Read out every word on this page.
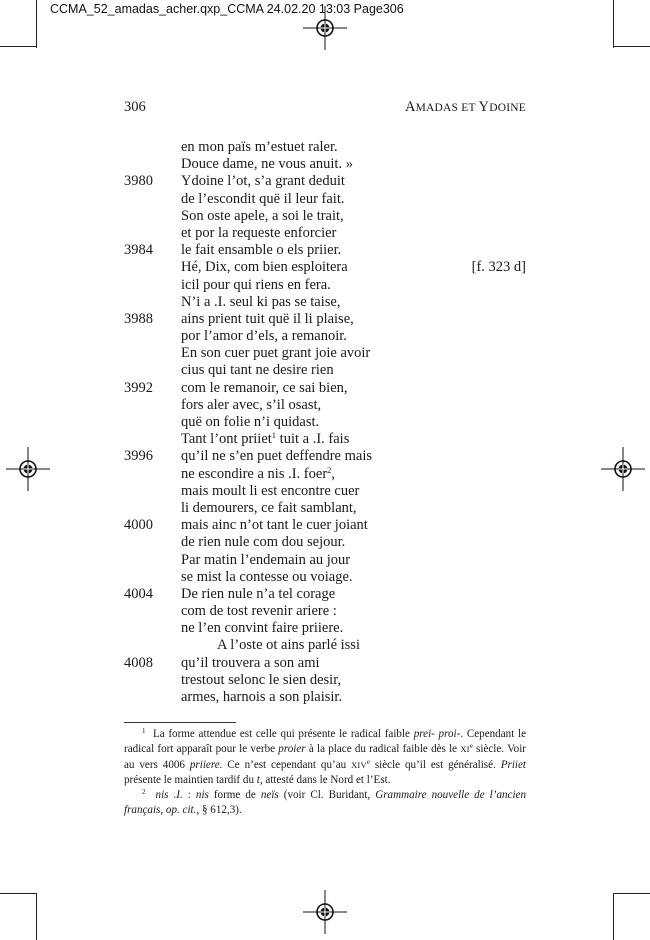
CCMA_52_amadas_acher.qxp_CCMA 24.02.20 13:03 Page306
306	AMADAS ET YDOINE
en mon païs m’estuet raler.
Douce dame, ne vous anuit. »
3980 Ydoine l’ot, s’a grant deduit
de l’escondit quë il leur fait.
Son oste apele, a soi le trait,
et por la requeste enforcier
3984 le fait ensamble o els priier.
Hé, Dix, com bien esploitera	[f. 323 d]
icil pour qui riens en fera.
N’i a .I. seul ki pas se taise,
3988 ains prient tuit quë il li plaise,
por l’amor d’els, a remanoir.
En son cuer puet grant joie avoir
cius qui tant ne desire rien
3992 com le remanoir, ce sai bien,
fors aler avec, s’il osast,
quë on folie n’i quidast.
Tant l’ont priiet$^1$ tuit a .I. fais
3996 qu’il ne s’en puet deffendre mais
ne escondire a nis .I. foer$^2$,
mais moult li est encontre cuer
li demourers, ce fait samblant,
4000 mais ainc n’ot tant le cuer joiant
de rien nule com dou sejour.
Par matin l’endemain au jour
se mist la contesse ou voiage.
4004 De rien nule n’a tel corage
com de tost revenir ariere :
ne l’en convint faire priiere.
A l’oste ot ains parlé issi
4008 qu’il trouvera a son ami
trestout selonc le sien desir,
armes, harnois a son plaisir.

$^1$ La forme attendue est celle qui présente le radical faible prei- proi-. Cependant le radical fort apparaît pour le verbe proier à la place du radical faible dès le XIe siècle. Voir au vers 4006 priiere. Ce n’est cependant qu’au XIVe siècle qu’il est généralisé. Priiet présente le maintien tardif du t, attesté dans le Nord et l’Est.

$^2$ nis .I. : nis forme de neïs (voir Cl. Buridant, Grammaire nouvelle de l’ancien français, op. cit., § 612,3).
